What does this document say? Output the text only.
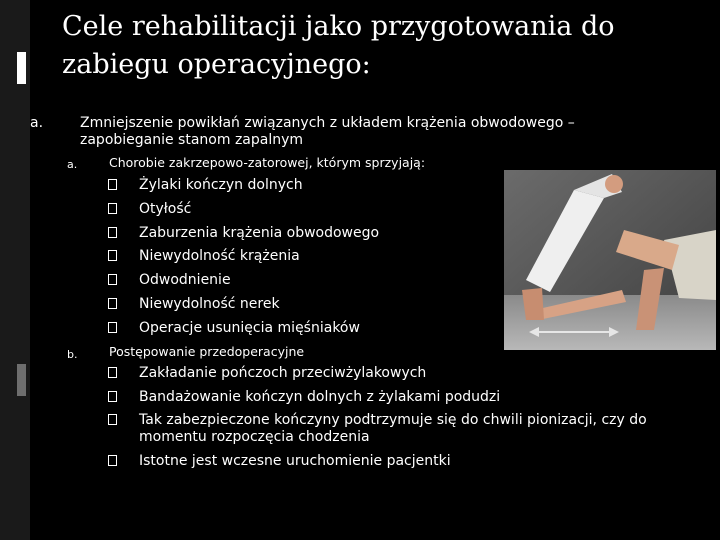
Cele rehabilitacji jako przygotowania do zabiegu operacyjnego:
a.	Zmniejszenie powikłań związanych z układem krążenia obwodowego – zapobieganie stanom zapalnym
a.	Chorobie zakrzepowo-zatorowej, którym sprzyjają:
Żylaki kończyn dolnych
Otyłość
Zaburzenia krążenia obwodowego
Niewydolność krążenia
Odwodnienie
Niewydolność nerek
Operacje usunięcia mięśniaków
b.	Postępowanie przedoperacyjne
Zakładanie pończoch przeciwżylakowych
Bandażowanie kończyn dolnych z żylakami podudzi
Tak zabezpieczone kończyny podtrzymuje się do chwili pionizacji, czy do momentu rozpoczęcia chodzenia
Istotne jest wczesne uruchomienie pacjentki
